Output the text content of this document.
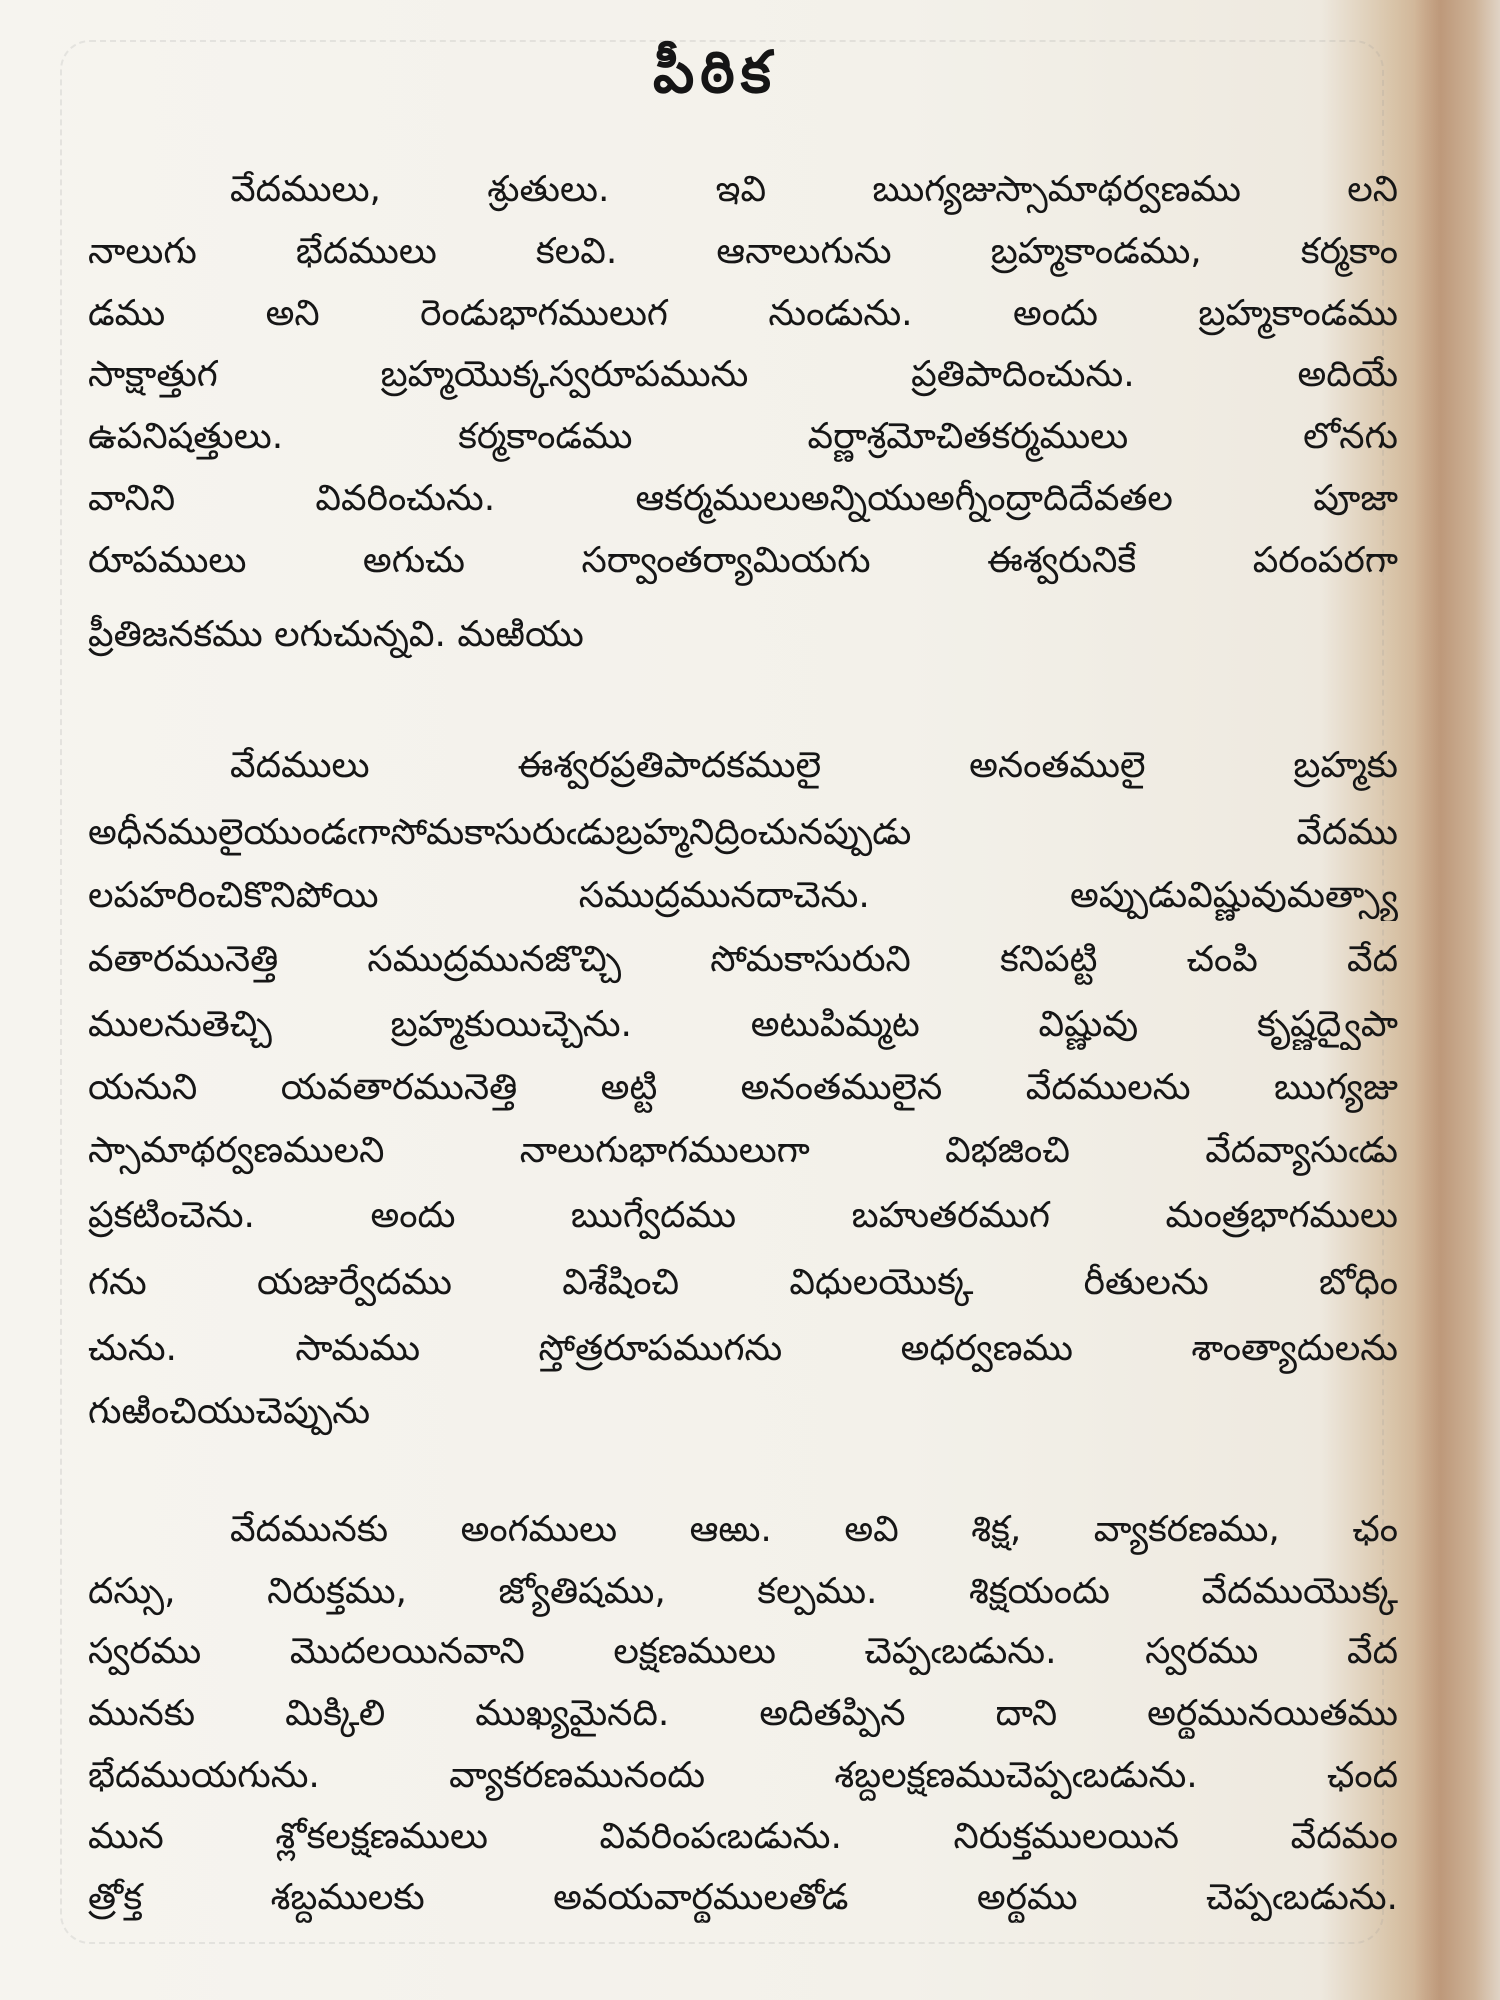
పీఠిక
వేదములు, శ్రుతులు. ఇవి ఋగ్యజుస్సామాథర్వణము లని
నాలుగు భేదములు కలవి. ఆనాలుగును బ్రహ్మకాండము, కర్మకాం
డము అని రెండుభాగములుగ నుండును. అందు బ్రహ్మకాండము
సాక్షాత్తుగ బ్రహ్మయొక్కస్వరూపమును ప్రతిపాదించును. అదియే
ఉపనిషత్తులు. కర్మకాండము వర్ణాశ్రమోచితకర్మములు లోనగు
వానిని వివరించును. ఆకర్మములుఅన్నియుఅగ్నీంద్రాదిదేవతల పూజా
రూపములు అగుచు సర్వాంతర్యామియగు ఈశ్వరునికే పరంపరగా
ప్రీతిజనకము లగుచున్నవి. మఱియు
వేదములు ఈశ్వరప్రతిపాదకములై అనంతములై బ్రహ్మకు
అధీనములైయుండఁగాసోమకాసురుఁడుబ్రహ్మనిద్రించునప్పుడు వేదము
లపహరించికొనిపోయి సముద్రమునదాచెను. అప్పుడువిష్ణువుమత్స్యా
వతారమునెత్తి సముద్రమునజొచ్చి సోమకాసురుని కనిపట్టి చంపి వేద
ములనుతెచ్చి బ్రహ్మకుయిచ్చెను. అటుపిమ్మట విష్ణువు కృష్ణద్వైపా
యనుని యవతారమునెత్తి అట్టి అనంతములైన వేదములను ఋగ్యజు
స్సామాథర్వణములని నాలుగుభాగములుగా విభజించి వేదవ్యాసుఁడు
ప్రకటించెను. అందు ఋగ్వేదము బహుతరముగ మంత్రభాగములు
గను యజుర్వేదము విశేషించి విధులయొక్క రీతులను బోధిం
చును. సామము స్తోత్రరూపముగను అధర్వణము శాంత్యాదులను
గుఱించియుచెప్పును
వేదమునకు అంగములు ఆఱు. అవి శిక్ష, వ్యాకరణము, ఛం
దస్సు, నిరుక్తము, జ్యోతిషము, కల్పము. శిక్షయందు వేదముయొక్క
స్వరము మొదలయినవాని లక్షణములు చెప్పఁబడును. స్వరము వేద
మునకు మిక్కిలి ముఖ్యమైనది. అదితప్పిన దాని అర్థమునయితము
భేదముయగును. వ్యాకరణమునందు శబ్దలక్షణముచెప్పఁబడును. ఛంద
మున శ్లోకలక్షణములు వివరింపఁబడును. నిరుక్తములయిన వేదమం
త్రోక్త శబ్దములకు అవయవార్థములతోడ అర్థము చెప్పఁబడును.
